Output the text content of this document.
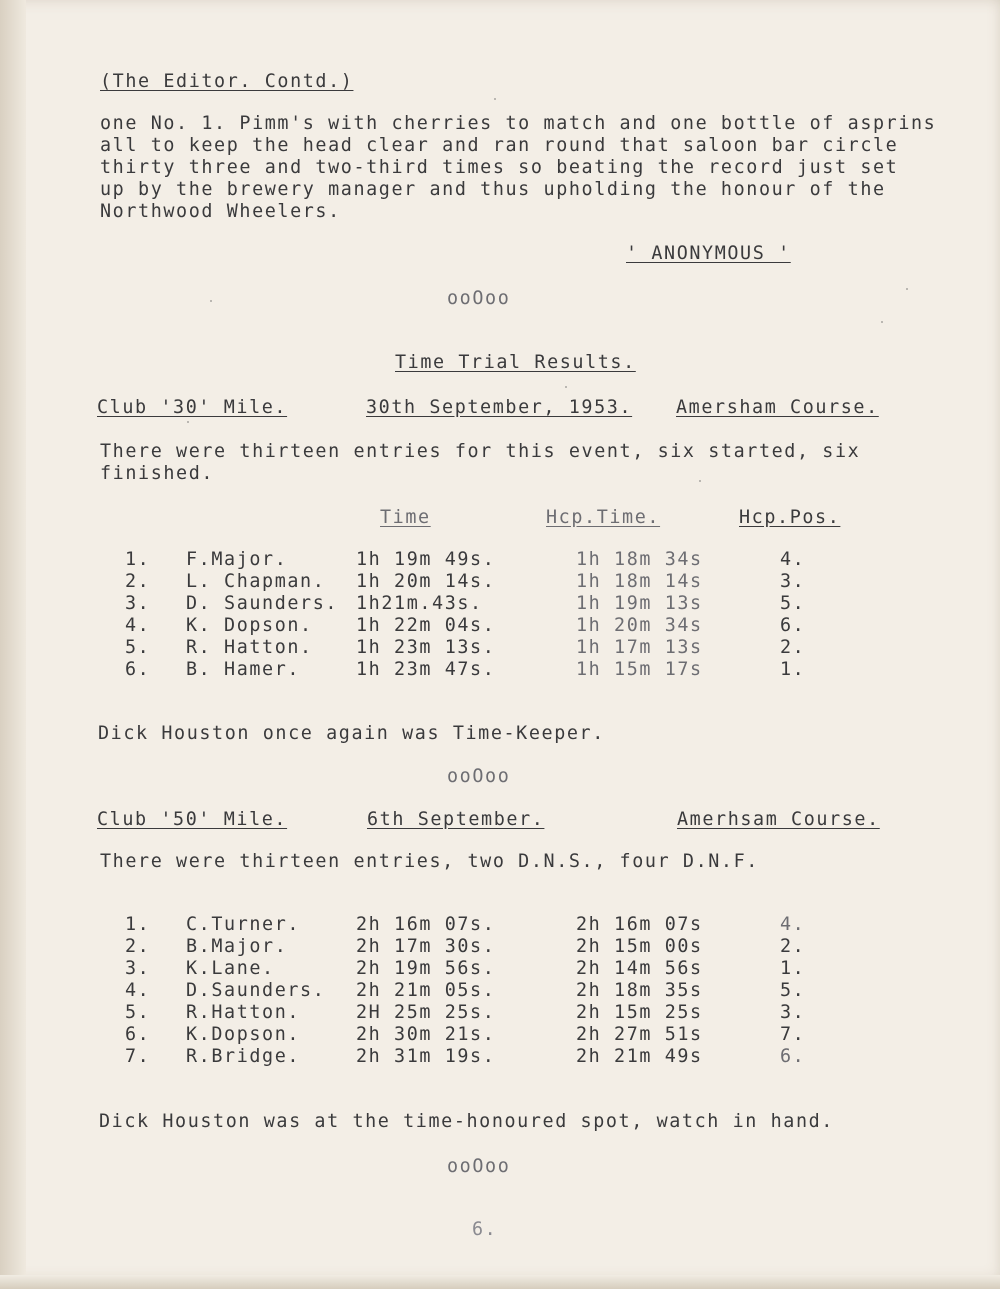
(The Editor. Contd.)
one No. 1. Pimm's with cherries to match and one bottle of asprins
all to keep the head clear and ran round that saloon bar circle
thirty three and two-third times so beating the record just set
up by the brewery manager and thus upholding the honour of the
Northwood Wheelers.
' ANONYMOUS '
ooOoo
Time Trial Results.
Club '30' Mile.	30th September, 1953. Amersham Course.
There were thirteen entries for this event, six started, six
finished.
Time	Hcp.Time.	Hcp.Pos.
1. F.Major.	1h 19m 49s.	1h 18m 34s	4.
2. L. Chapman. 1h 20m 14s.	1h 18m 14s	3.
3. D. Saunders. 1h21m.43s.	1h 19m 13s	5.
4. K. Dopson. 1h 22m 04s.	1h 20m 34s	6.
5. R. Hatton. 1h 23m 13s.	1h 17m 13s	2.
6. B. Hamer.	1h 23m 47s.	1h 15m 17s	1.
Dick Houston once again was Time-Keeper.
ooOoo
Club '50' Mile.	6th September.	Amerhsam Course.
There were thirteen entries, two D.N.S., four D.N.F.
1. C.Turner.	2h 16m 07s.	2h 16m 07s	4.
2. B.Major.	2h 17m 30s.	2h 15m 00s	2.
3. K.Lane.	2h 19m 56s.	2h 14m 56s	1.
4. D.Saunders. 2h 21m 05s.	2h 18m 35s	5.
5. R.Hatton.	2H 25m 25s.	2h 15m 25s	3.
6. K.Dopson.	2h 30m 21s.	2h 27m 51s	7.
7. R.Bridge.	2h 31m 19s.	2h 21m 49s	6.
Dick Houston was at the time-honoured spot, watch in hand.
ooOoo
6.
